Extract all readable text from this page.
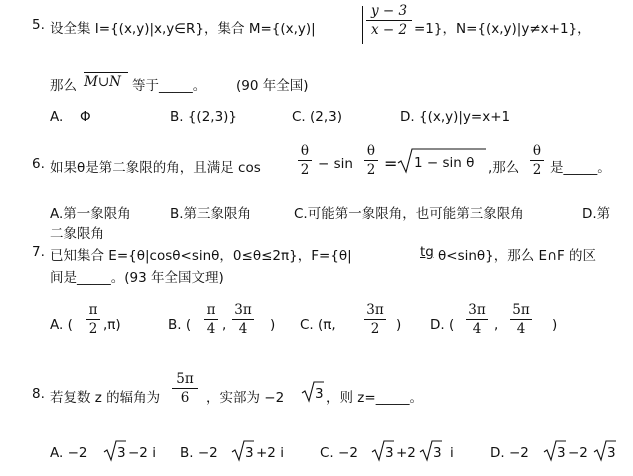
5. 设全集 I={(x,y)|x,y∈R}，集合 M={(x,y)|
y − 3
x − 2 =1}，N={(x,y)|y≠x+1}，
那么 M∪N 等于_____。 (90 年全国)
A. Φ	B. {(2,3)}	C. (2,3)	D. {(x,y)|y=x+1
6. 如果θ是第二象限的角，且满足 cos
θ
2 − sin
θ
2 = 1 − sin θ ,那么
θ
2 是_____。
A.第一象限角	B.第三象限角	C.可能第一象限角，也可能第三象限角	D.第
二象限角
7. 已知集合 E={θ|cosθ<sinθ，0≤θ≤2π}，F={θ|	tg θ<sinθ}，那么 E∩F 的区
间是_____。(93 年全国文理)
A. (
π
2 ,π)	B. (
π
4 ,
3π
4	) C. (π,
3π
2	) D. (
3π
4 ,
5π
4	)
8. 若复数 z 的辐角为
5π
6	，实部为 −2 3 ，则 z=_____。
A. −2 3 −2 i B. −2 3 +2 i	C. −2 3 +2 3 i	D. −2 3 −2 3
